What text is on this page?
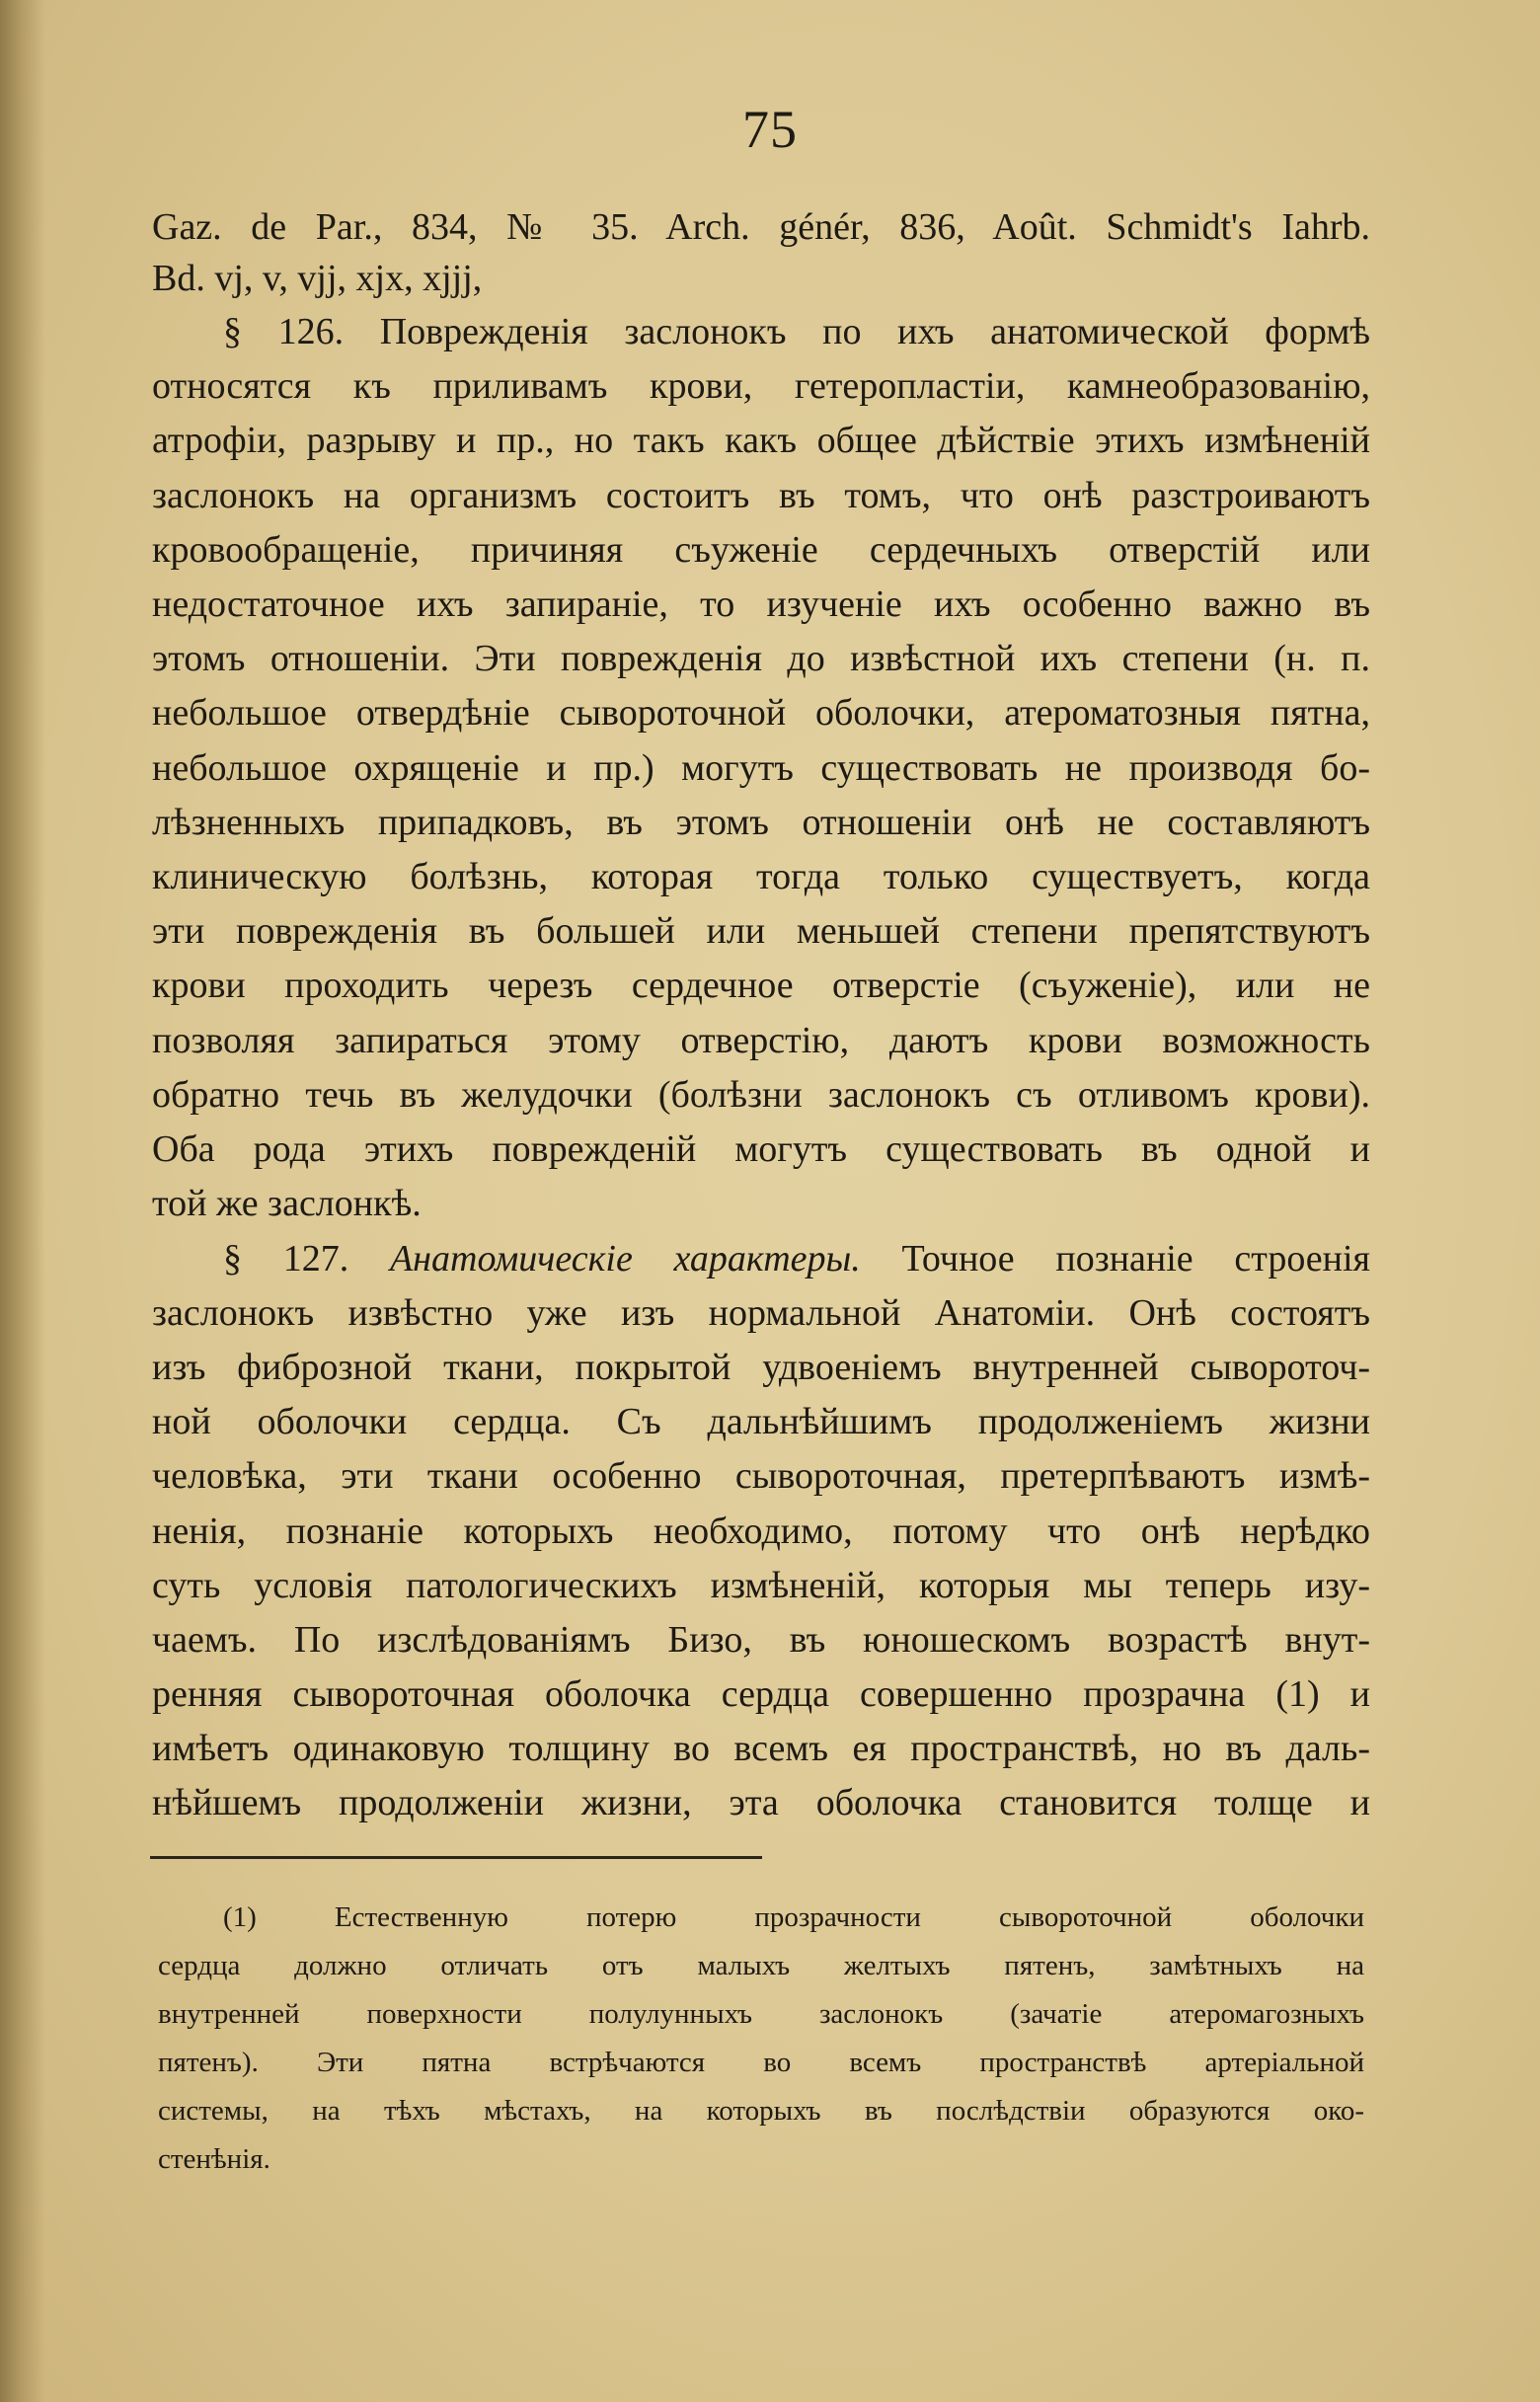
75

Gaz. de Par., 834, № 35. Arch. génér, 836, Août. Schmidt's Iahrb.

Bd. vj, v, vjj, xjx, xjjj,

§ 126. Поврежденія заслонокъ по ихъ анатомической формѣ

относятся къ приливамъ крови, гетеропластіи, камнеобразованію,

атрофіи, разрыву и пр., но такъ какъ общее дѣйствіе этихъ измѣненій

заслонокъ на организмъ состоитъ въ томъ, что онѣ разстроиваютъ

кровообращеніе, причиняя съуженіе сердечныхъ отверстій или

недостаточное ихъ запираніе, то изученіе ихъ особенно важно въ

этомъ отношеніи. Эти поврежденія до извѣстной ихъ степени (н. п.

небольшое отвердѣніе сывороточной оболочки, атероматозныя пятна,

небольшое охрященіе и пр.) могутъ существовать не производя бо-

лѣзненныхъ припадковъ, въ этомъ отношеніи онѣ не составляютъ

клиническую болѣзнь, которая тогда только существуетъ, когда

эти поврежденія въ большей или меньшей степени препятствуютъ

крови проходить черезъ сердечное отверстіе (съуженіе), или не

позволяя запираться этому отверстію, даютъ крови возможность

обратно течь въ желудочки (болѣзни заслонокъ съ отливомъ крови).

Оба рода этихъ поврежденій могутъ существовать въ одной и

той же заслонкѣ.

§ 127. Анатомическіе характеры. Точное познаніе строенія

заслонокъ извѣстно уже изъ нормальной Анатоміи. Онѣ состоятъ

изъ фиброзной ткани, покрытой удвоеніемъ внутренней сывороточ-

ной оболочки сердца. Съ дальнѣйшимъ продолженіемъ жизни

человѣка, эти ткани особенно сывороточная, претерпѣваютъ измѣ-

ненія, познаніе которыхъ необходимо, потому что онѣ нерѣдко

суть условія патологическихъ измѣненій, которыя мы теперь изу-

чаемъ. По изслѣдованіямъ Бизо, въ юношескомъ возрастѣ внут-

ренняя сывороточная оболочка сердца совершенно прозрачна (1) и

имѣетъ одинаковую толщину во всемъ ея пространствѣ, но въ даль-

нѣйшемъ продолженіи жизни, эта оболочка становится толще и

(1) Естественную потерю прозрачности сывороточной оболочки

сердца должно отличать отъ малыхъ желтыхъ пятенъ, замѣтныхъ на

внутренней поверхности полулунныхъ заслонокъ (зачатіе атеромагозныхъ

пятенъ). Эти пятна встрѣчаются во всемъ пространствѣ артеріальной

системы, на тѣхъ мѣстахъ, на которыхъ въ послѣдствіи образуются око-

стенѣнія.
